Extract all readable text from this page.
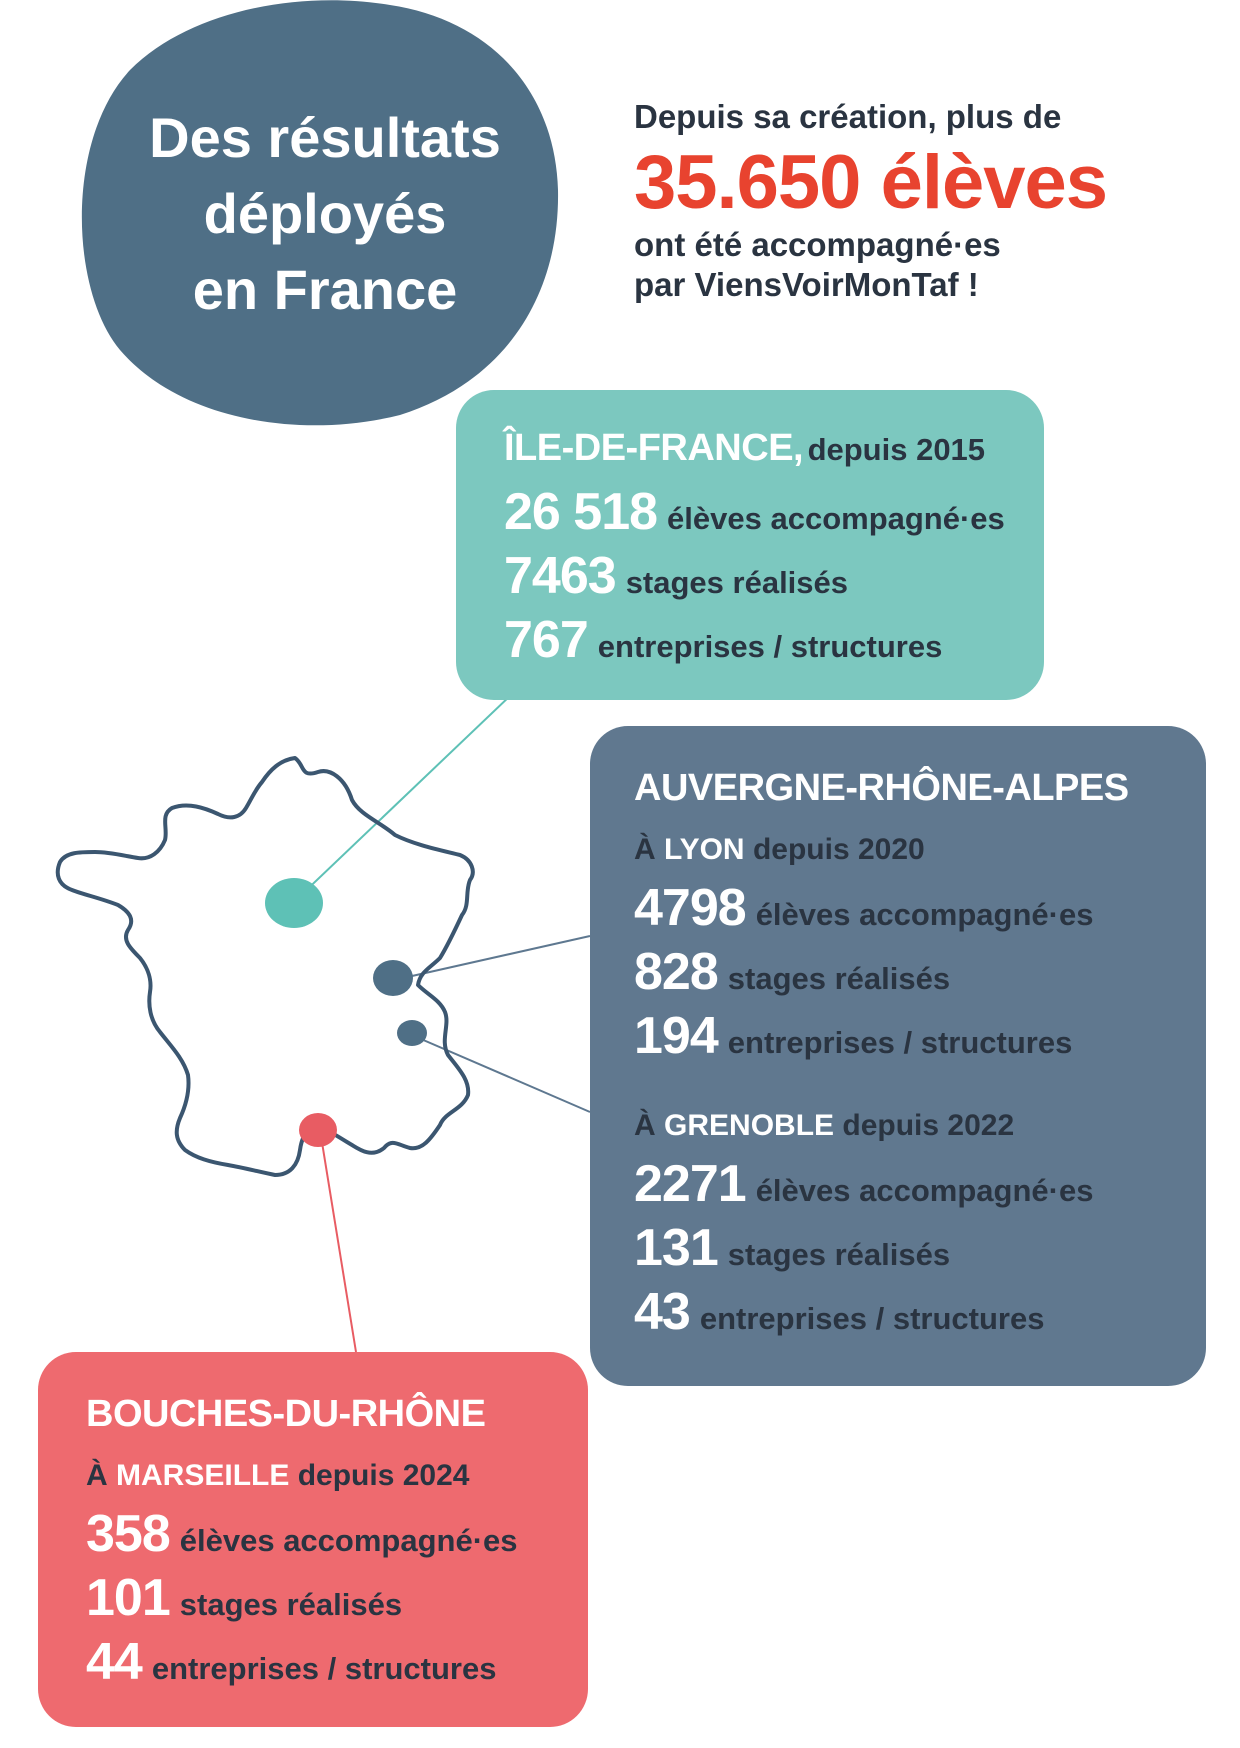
Des résultats
déployés
en France
Depuis sa création, plus de
35.650 élèves
ont été accompagné·es
par ViensVoirMonTaf !
ÎLE-DE-FRANCE, depuis 2015
26 518 élèves accompagné·es
7463 stages réalisés
767 entreprises / structures
AUVERGNE-RHÔNE-ALPES
À LYON depuis 2020
4798 élèves accompagné·es
828 stages réalisés
194 entreprises / structures
À GRENOBLE depuis 2022
2271 élèves accompagné·es
131 stages réalisés
43 entreprises / structures
BOUCHES-DU-RHÔNE
À MARSEILLE depuis 2024
358 élèves accompagné·es
101 stages réalisés
44 entreprises / structures
